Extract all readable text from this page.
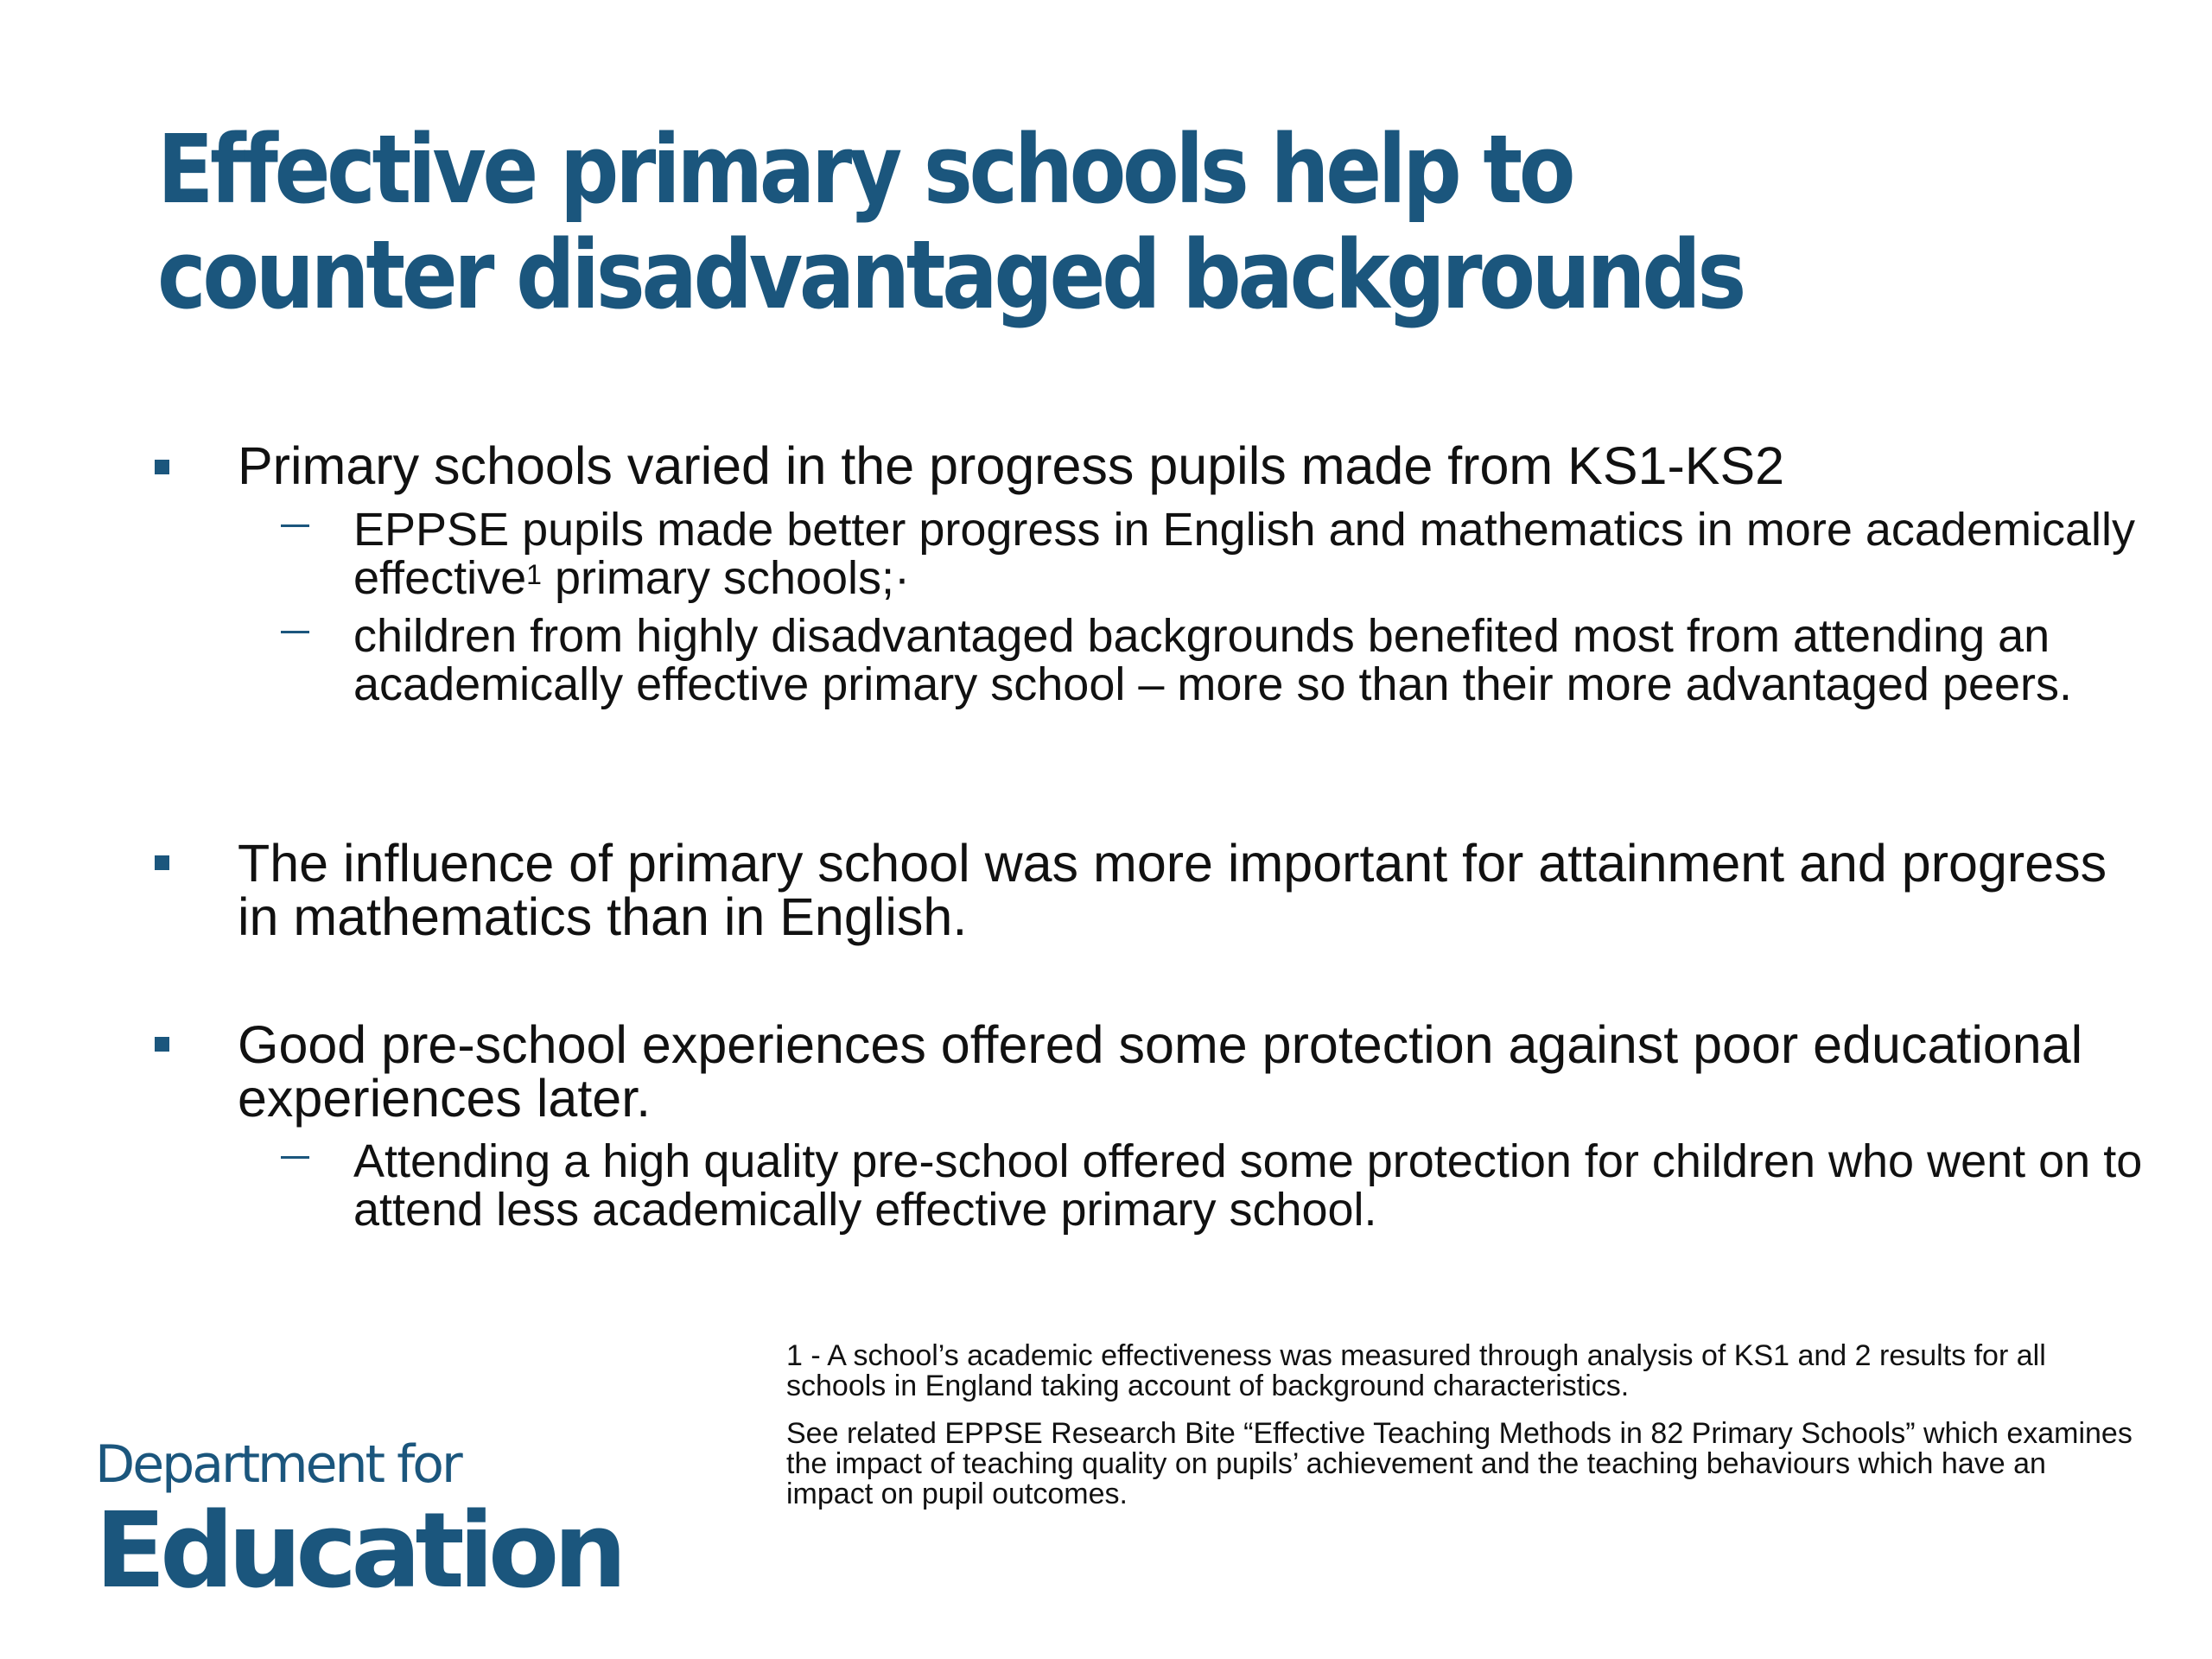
Effective primary schools help to counter disadvantaged backgrounds
Primary schools varied in the progress pupils made from KS1-KS2
EPPSE pupils made better progress in English and mathematics in more academically effective$^1$ primary schools;·
children from highly disadvantaged backgrounds benefited most from attending an academically effective primary school – more so than their more advantaged peers.
The influence of primary school was more important for attainment and progress in mathematics than in English.
Good pre-school experiences offered some protection against poor educational experiences later.
Attending a high quality pre-school offered some protection for children who went on to attend less academically effective primary school.
1 - A school’s academic effectiveness was measured through analysis of KS1 and 2 results for all schools in England taking account of background characteristics.
See related EPPSE Research Bite “Effective Teaching Methods in 82 Primary Schools” which examines the impact of teaching quality on pupils’ achievement and the teaching behaviours which have an impact on pupil outcomes.
Department for
Education
